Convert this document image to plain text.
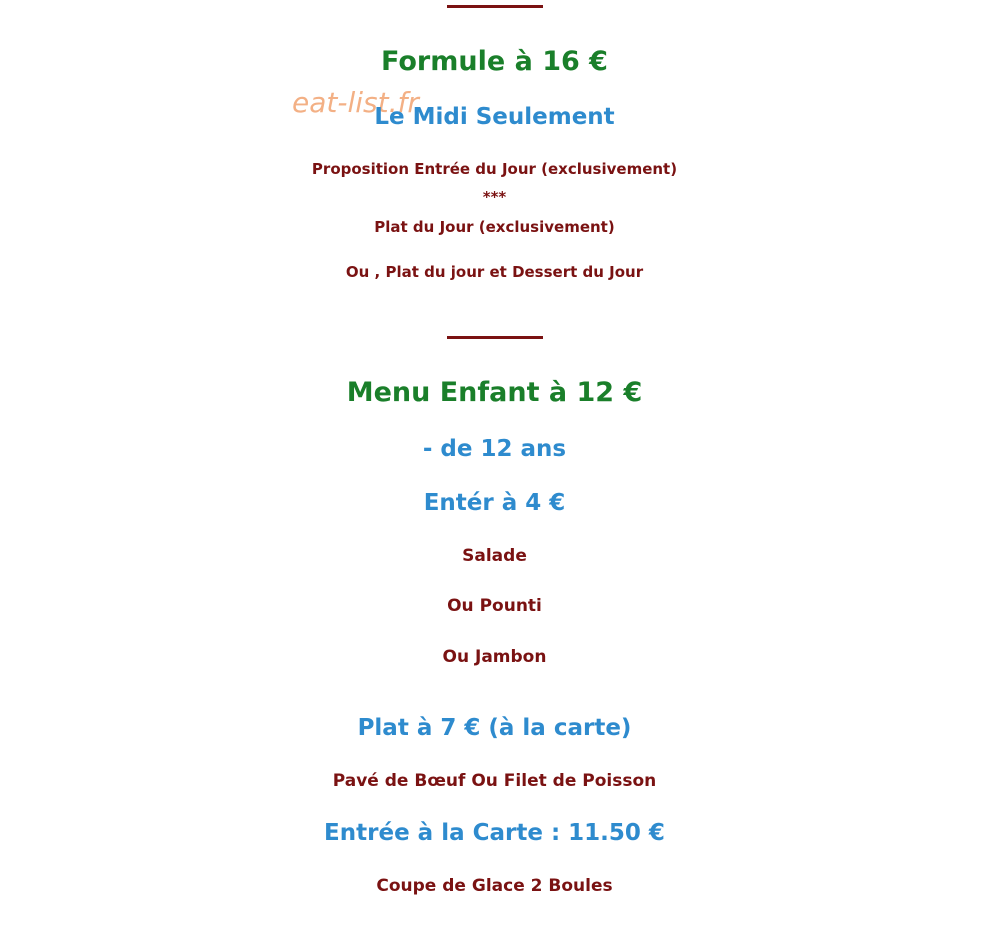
Formule à 16 €
eat-list.fr
Le Midi Seulement
Proposition Entrée du Jour (exclusivement)
***
Plat du Jour (exclusivement)
Ou , Plat du jour et Dessert du Jour
Menu Enfant à 12 €
- de 12 ans
Entér à 4 €
Salade
Ou Pounti
Ou Jambon
Plat à 7 € (à la carte)
Pavé de Bœuf Ou Filet de Poisson
Entrée à la Carte : 11.50 €
Coupe de Glace 2 Boules
